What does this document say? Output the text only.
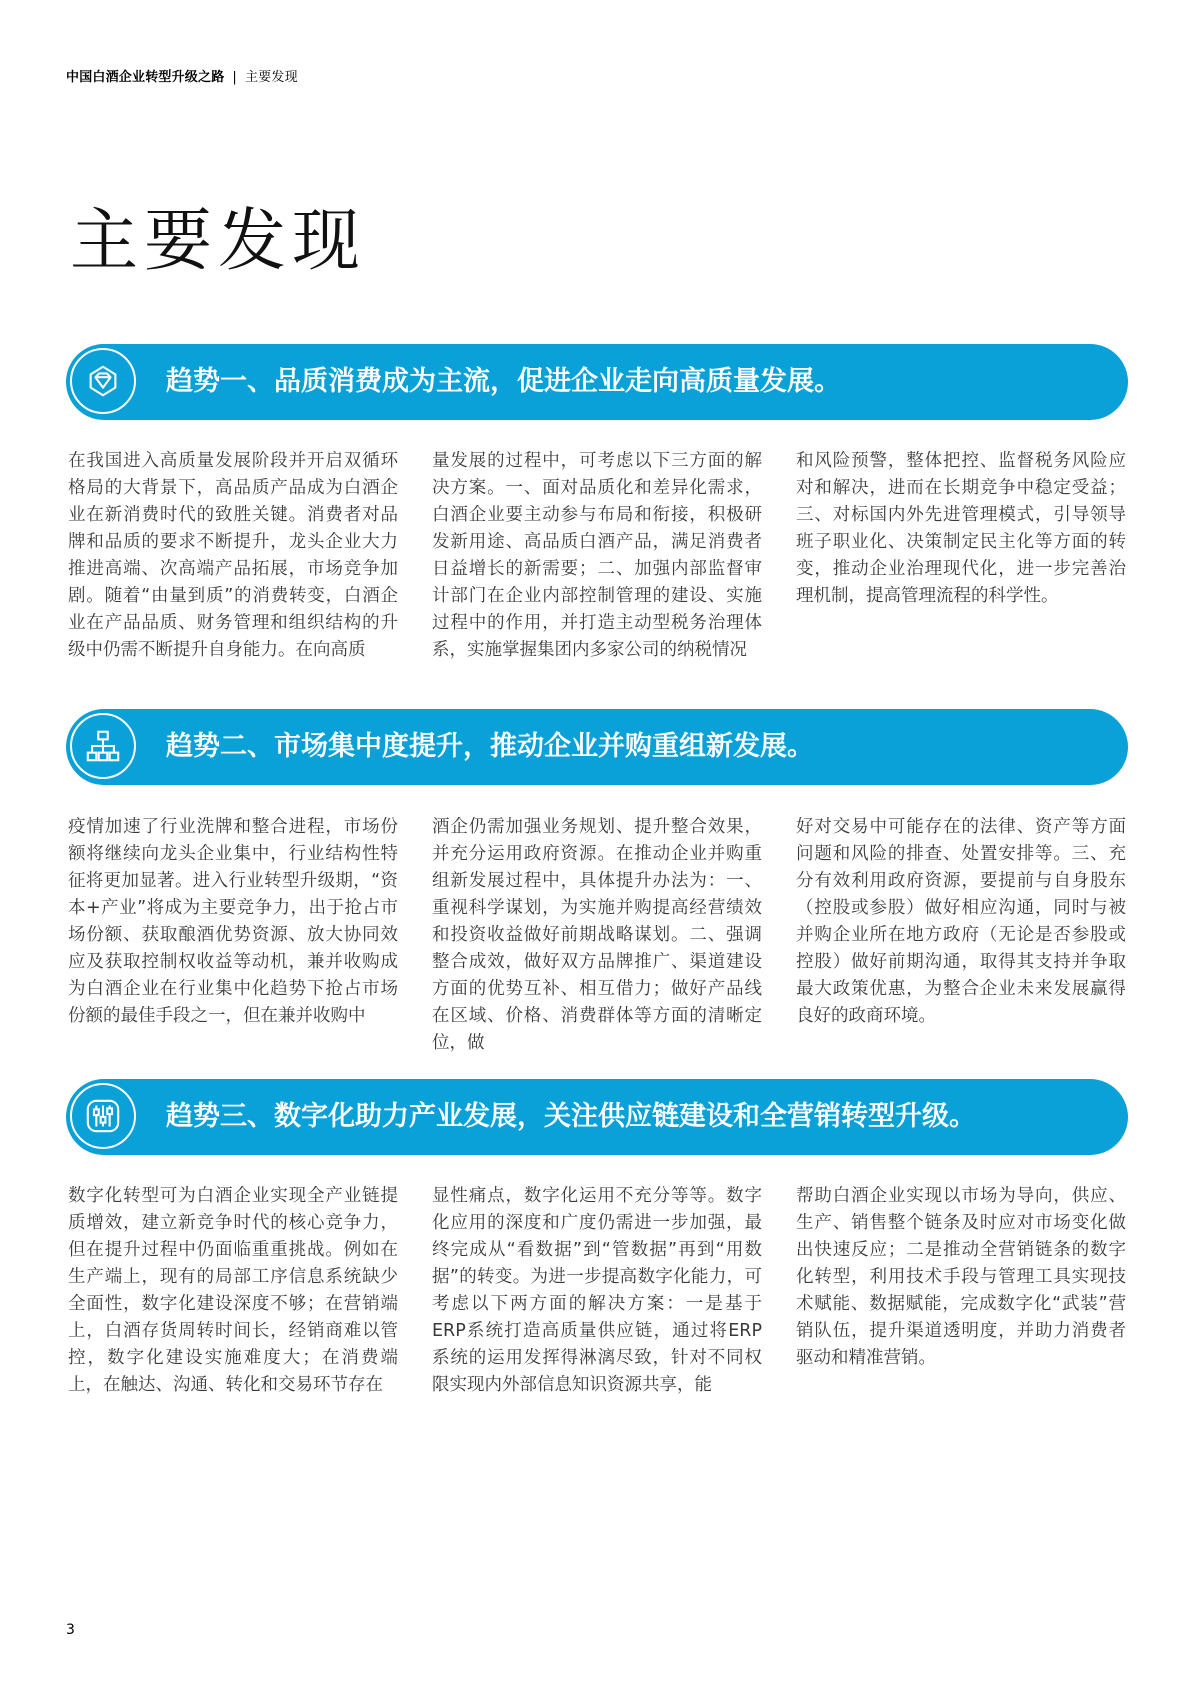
中国白酒企业转型升级之路 | 主要发现
主要发现
趋势一、品质消费成为主流，促进企业走向高质量发展。
在我国进入高质量发展阶段并开启双循环格局的大背景下，高品质产品成为白酒企业在新消费时代的致胜关键。消费者对品牌和品质的要求不断提升，龙头企业大力推进高端、次高端产品拓展，市场竞争加剧。随着“由量到质”的消费转变，白酒企业在产品品质、财务管理和组织结构的升级中仍需不断提升自身能力。在向高质
量发展的过程中，可考虑以下三方面的解决方案。一、面对品质化和差异化需求，白酒企业要主动参与布局和衔接，积极研发新用途、高品质白酒产品，满足消费者日益增长的新需要；二、加强内部监督审计部门在企业内部控制管理的建设、实施过程中的作用，并打造主动型税务治理体系，实施掌握集团内多家公司的纳税情况
和风险预警，整体把控、监督税务风险应对和解决，进而在长期竞争中稳定受益；三、对标国内外先进管理模式，引导领导班子职业化、决策制定民主化等方面的转变，推动企业治理现代化，进一步完善治理机制，提高管理流程的科学性。
趋势二、市场集中度提升，推动企业并购重组新发展。
疫情加速了行业洗牌和整合进程，市场份额将继续向龙头企业集中，行业结构性特征将更加显著。进入行业转型升级期，“资本+产业”将成为主要竞争力，出于抢占市场份额、获取酿酒优势资源、放大协同效应及获取控制权收益等动机，兼并收购成为白酒企业在行业集中化趋势下抢占市场份额的最佳手段之一，但在兼并收购中
酒企仍需加强业务规划、提升整合效果，并充分运用政府资源。在推动企业并购重组新发展过程中，具体提升办法为：一、重视科学谋划，为实施并购提高经营绩效和投资收益做好前期战略谋划。二、强调整合成效，做好双方品牌推广、渠道建设方面的优势互补、相互借力；做好产品线在区域、价格、消费群体等方面的清晰定位，做
好对交易中可能存在的法律、资产等方面问题和风险的排查、处置安排等。三、充分有效利用政府资源，要提前与自身股东（控股或参股）做好相应沟通，同时与被并购企业所在地方政府（无论是否参股或控股）做好前期沟通，取得其支持并争取最大政策优惠，为整合企业未来发展赢得良好的政商环境。
趋势三、数字化助力产业发展，关注供应链建设和全营销转型升级。
数字化转型可为白酒企业实现全产业链提质增效，建立新竞争时代的核心竞争力，但在提升过程中仍面临重重挑战。例如在生产端上，现有的局部工序信息系统缺少全面性，数字化建设深度不够；在营销端上，白酒存货周转时间长，经销商难以管控，数字化建设实施难度大；在消费端上，在触达、沟通、转化和交易环节存在
显性痛点，数字化运用不充分等等。数字化应用的深度和广度仍需进一步加强，最终完成从“看数据”到“管数据”再到“用数据”的转变。为进一步提高数字化能力，可考虑以下两方面的解决方案：一是基于ERP系统打造高质量供应链，通过将ERP系统的运用发挥得淋漓尽致，针对不同权限实现内外部信息知识资源共享，能
帮助白酒企业实现以市场为导向，供应、生产、销售整个链条及时应对市场变化做出快速反应；二是推动全营销链条的数字化转型，利用技术手段与管理工具实现技术赋能、数据赋能，完成数字化“武装”营销队伍，提升渠道透明度，并助力消费者驱动和精准营销。
3
